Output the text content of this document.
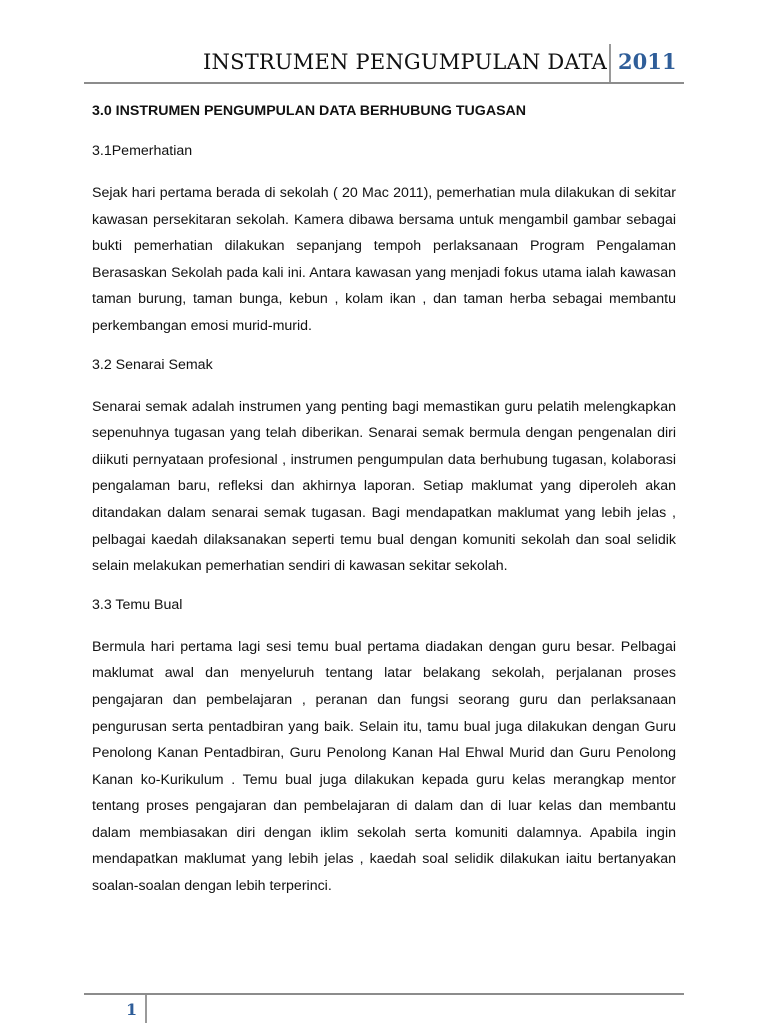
INSTRUMEN PENGUMPULAN DATA 2011

3.0 INSTRUMEN PENGUMPULAN DATA BERHUBUNG TUGASAN

3.1Pemerhatian

Sejak hari pertama berada di sekolah ( 20 Mac 2011), pemerhatian mula dilakukan di sekitar kawasan persekitaran sekolah. Kamera dibawa bersama untuk mengambil gambar sebagai bukti pemerhatian dilakukan sepanjang tempoh perlaksanaan Program Pengalaman Berasaskan Sekolah pada kali ini. Antara kawasan yang menjadi fokus utama ialah kawasan taman burung, taman bunga, kebun , kolam ikan , dan taman herba sebagai membantu perkembangan emosi murid-murid.

3.2 Senarai Semak

Senarai semak adalah instrumen yang penting bagi memastikan guru pelatih melengkapkan sepenuhnya tugasan yang telah diberikan. Senarai semak bermula dengan pengenalan diri diikuti pernyataan profesional , instrumen pengumpulan data berhubung tugasan, kolaborasi pengalaman baru, refleksi dan akhirnya laporan. Setiap maklumat yang diperoleh akan ditandakan dalam senarai semak tugasan. Bagi mendapatkan maklumat yang lebih jelas , pelbagai kaedah dilaksanakan seperti temu bual dengan komuniti sekolah dan soal selidik selain melakukan pemerhatian sendiri di kawasan sekitar sekolah.

3.3 Temu Bual

Bermula hari pertama lagi sesi temu bual pertama diadakan dengan guru besar. Pelbagai maklumat awal dan menyeluruh tentang latar belakang sekolah, perjalanan proses pengajaran dan pembelajaran , peranan dan fungsi seorang guru dan perlaksanaan pengurusan serta pentadbiran yang baik. Selain itu, tamu bual juga dilakukan dengan Guru Penolong Kanan Pentadbiran, Guru Penolong Kanan Hal Ehwal Murid dan Guru Penolong Kanan ko-Kurikulum . Temu bual juga dilakukan kepada guru kelas merangkap mentor tentang proses pengajaran dan pembelajaran di dalam dan di luar kelas dan membantu dalam membiasakan diri dengan iklim sekolah serta komuniti dalamnya. Apabila ingin mendapatkan maklumat yang lebih jelas , kaedah soal selidik dilakukan iaitu bertanyakan soalan-soalan dengan lebih terperinci.

1
